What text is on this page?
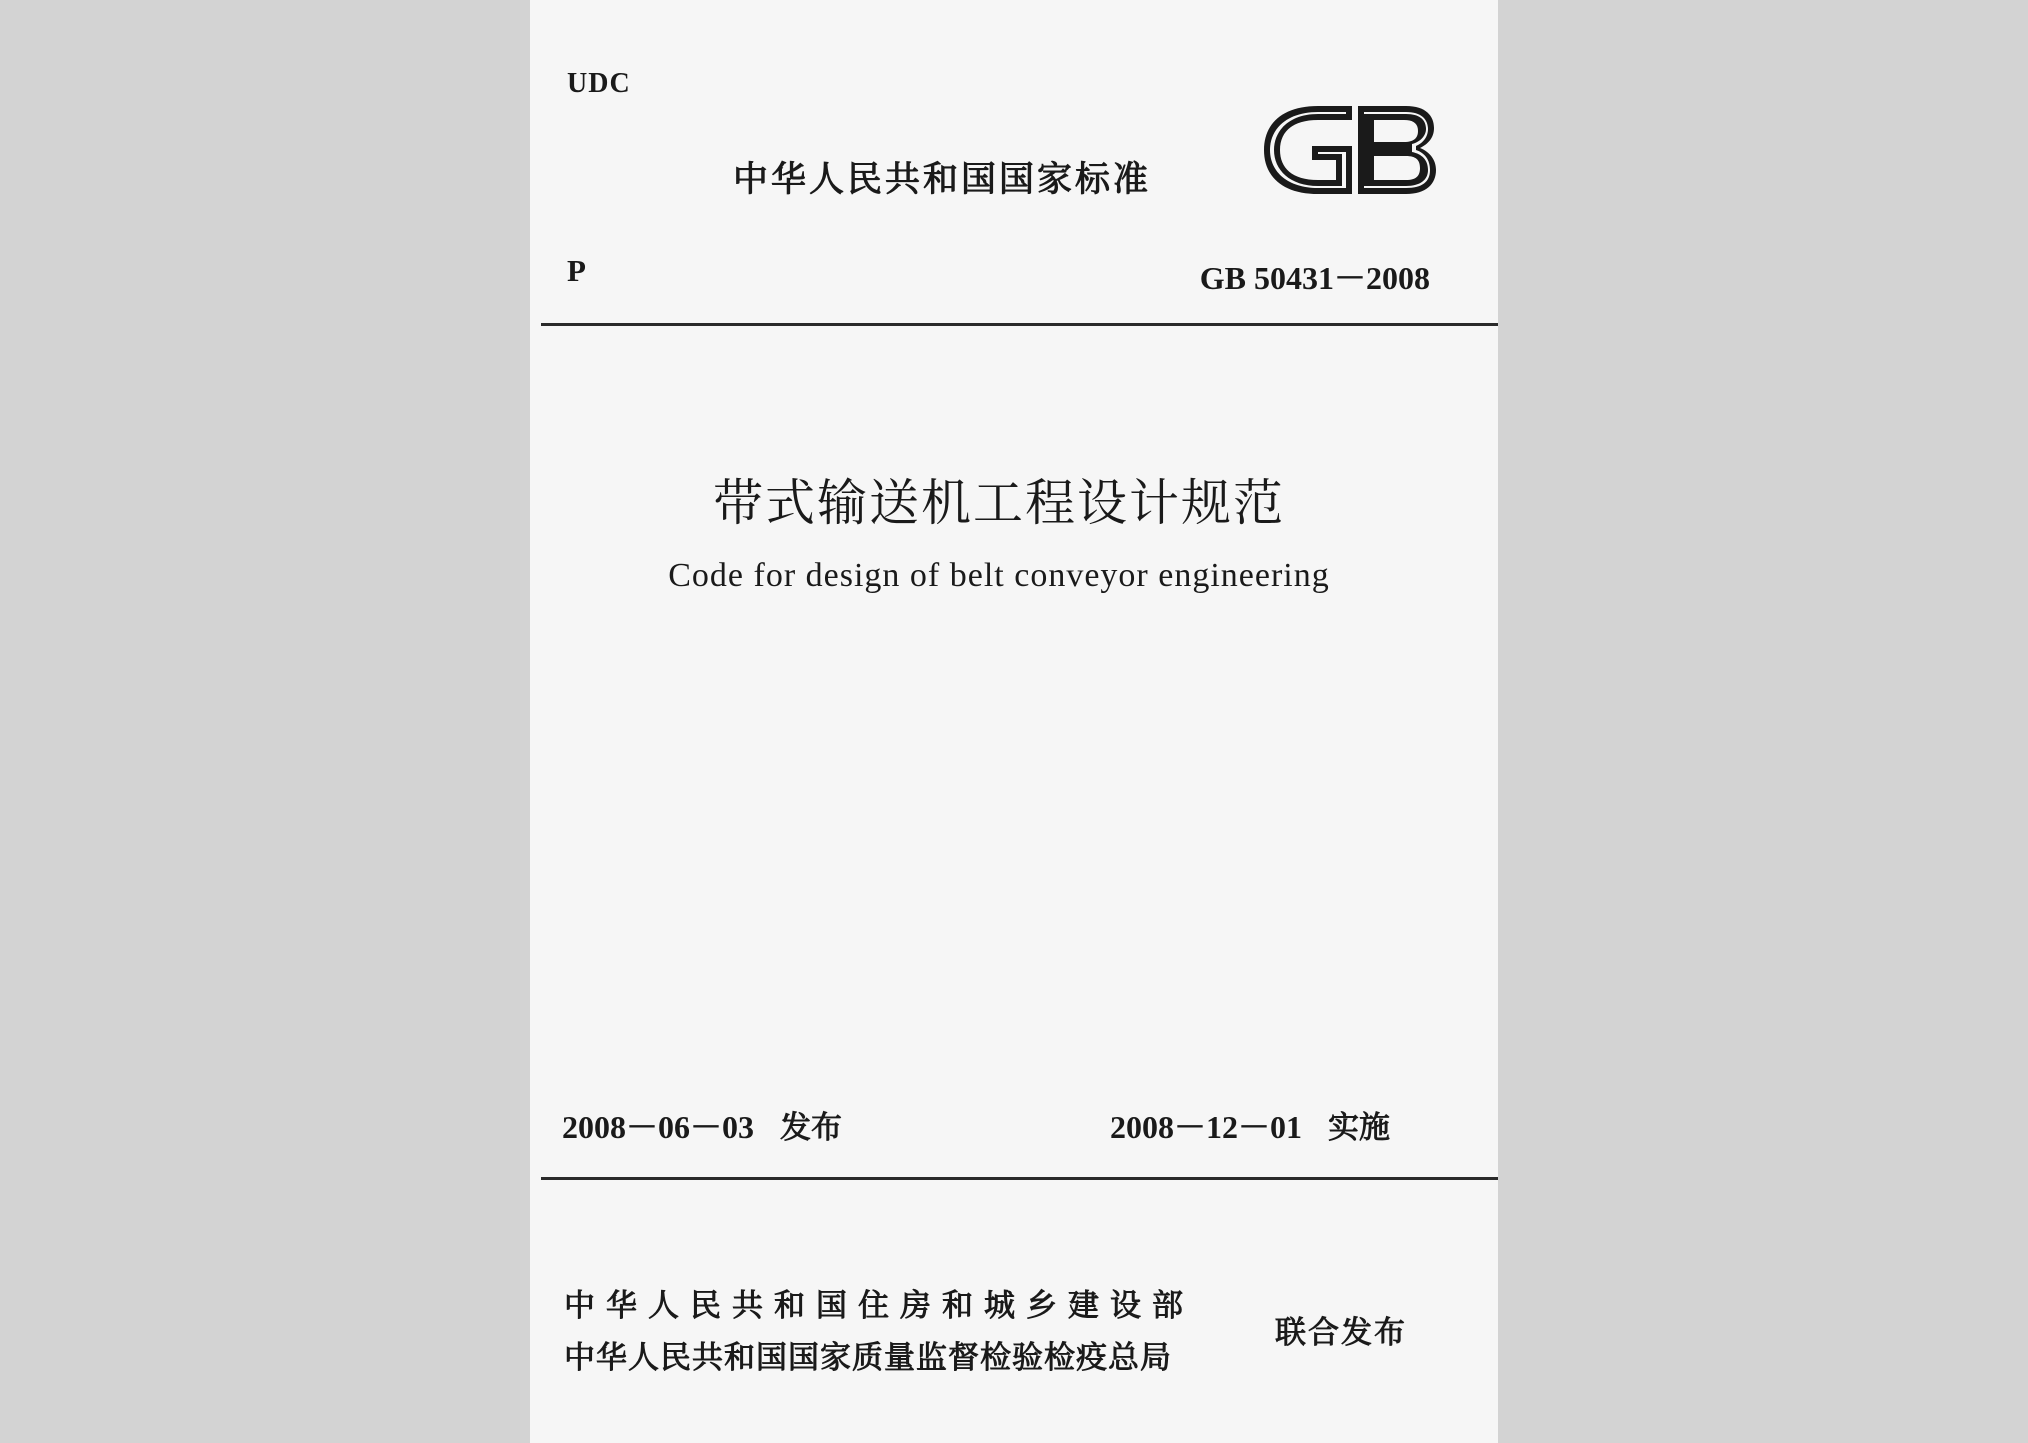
UDC
中华人民共和国国家标准
P	GB 50431－2008
带式输送机工程设计规范
Code for design of belt conveyor engineering
2008－06－03 发布	2008－12－01 实施
中华人民共和国住房和城乡建设部
中华人民共和国国家质量监督检验检疫总局
联合发布
